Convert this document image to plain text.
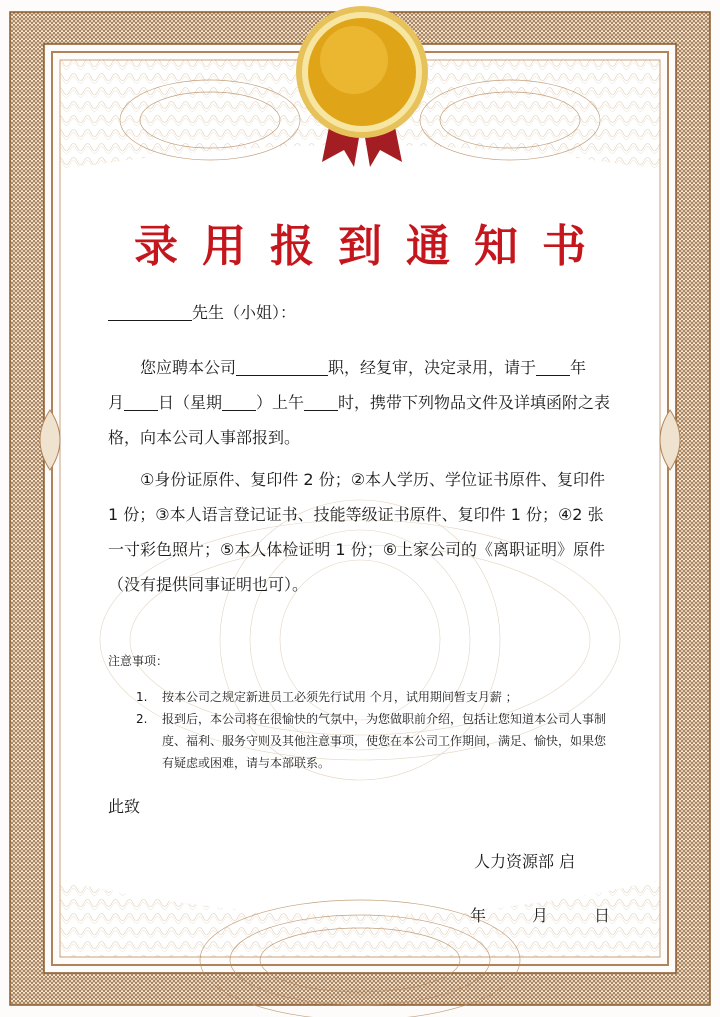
录用报到通知书
先生（小姐）：
您应聘本公司	职，经复审，决定录用，请于 年
月 日（星期 ）上午 时，携带下列物品文件及详填函附之表格，向本公司人事部报到。
①身份证原件、复印件 2 份；②本人学历、学位证书原件、复印件 1 份；③本人语言登记证书、技能等级证书原件、复印件 1 份；④2 张一寸彩色照片；⑤本人体检证明 1 份；⑥上家公司的《离职证明》原件（没有提供同事证明也可）。
注意事项：
1.	按本公司之规定新进员工必须先行试用 个月，试用期间暂支月薪 ；
2.	报到后，本公司将在很愉快的气氛中，为您做职前介绍，包括让您知道本公司人事制度、福利、服务守则及其他注意事项，使您在本公司工作期间，满足、愉快，如果您有疑虑或困难，请与本部联系。
此致
人力资源部 启
年	月	日
